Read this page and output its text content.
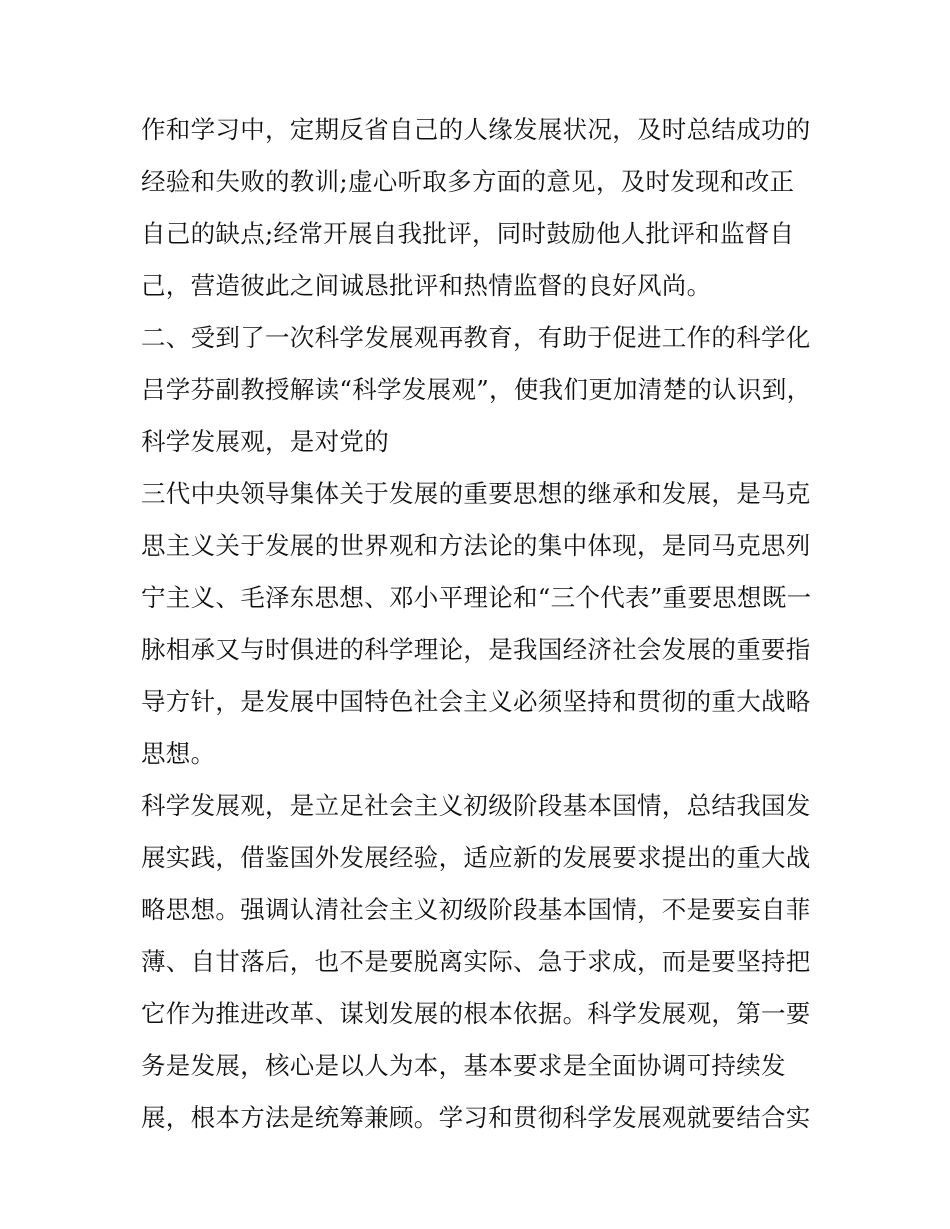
作和学习中，定期反省自己的人缘发展状况，及时总结成功的
经验和失败的教训;虚心听取多方面的意见，及时发现和改正
自己的缺点;经常开展自我批评，同时鼓励他人批评和监督自
己，营造彼此之间诚恳批评和热情监督的良好风尚。
二、受到了一次科学发展观再教育，有助于促进工作的科学化
吕学芬副教授解读“科学发展观”，使我们更加清楚的认识到，
科学发展观，是对党的
三代中央领导集体关于发展的重要思想的继承和发展，是马克
思主义关于发展的世界观和方法论的集中体现，是同马克思列
宁主义、毛泽东思想、邓小平理论和“三个代表”重要思想既一
脉相承又与时俱进的科学理论，是我国经济社会发展的重要指
导方针，是发展中国特色社会主义必须坚持和贯彻的重大战略
思想。
科学发展观，是立足社会主义初级阶段基本国情，总结我国发
展实践，借鉴国外发展经验，适应新的发展要求提出的重大战
略思想。强调认清社会主义初级阶段基本国情，不是要妄自菲
薄、自甘落后，也不是要脱离实际、急于求成，而是要坚持把
它作为推进改革、谋划发展的根本依据。科学发展观，第一要
务是发展，核心是以人为本，基本要求是全面协调可持续发
展，根本方法是统筹兼顾。学习和贯彻科学发展观就要结合实
